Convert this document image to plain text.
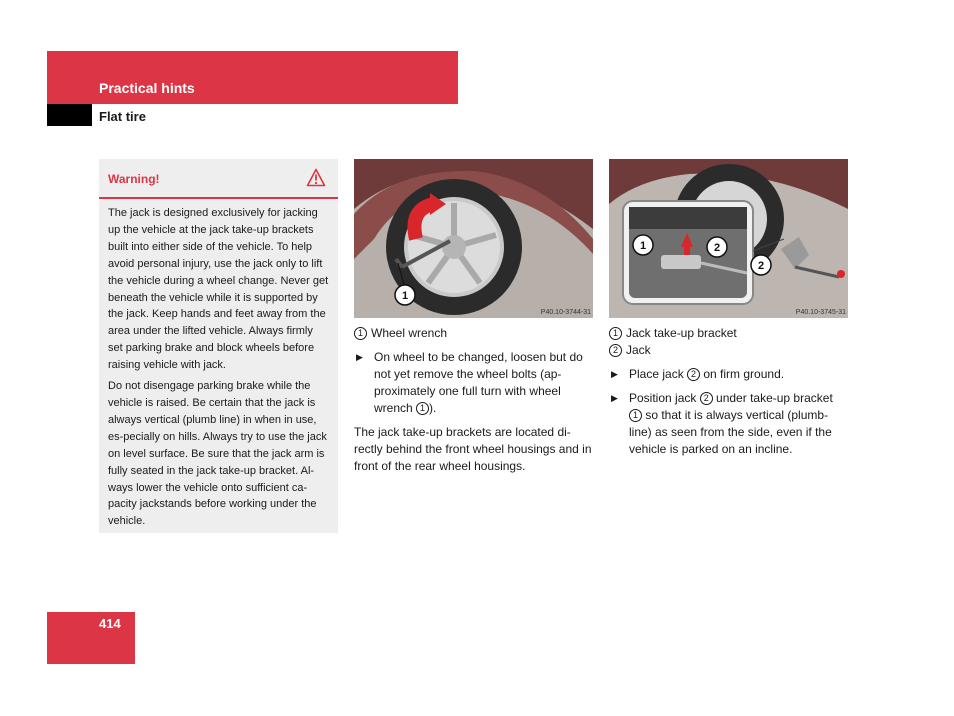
Practical hints
Flat tire
Warning!

The jack is designed exclusively for jacking up the vehicle at the jack take-up brackets built into either side of the vehicle. To help avoid personal injury, use the jack only to lift the vehicle during a wheel change. Never get beneath the vehicle while it is supported by the jack. Keep hands and feet away from the area under the lifted vehicle. Always firmly set parking brake and block wheels before raising vehicle with jack.

Do not disengage parking brake while the vehicle is raised. Be certain that the jack is always vertical (plumb line) in when in use, es-pecially on hills. Always try to use the jack on level surface. Be sure that the jack arm is fully seated in the jack take-up bracket. Al-ways lower the vehicle onto sufficient ca-pacity jackstands before working under the vehicle.

1
P40.10-3744-31
1	2
2
P40.10-3745-31
1 Wheel wrench
▶ On wheel to be changed, loosen but do not yet remove the wheel bolts (ap-proximately one full turn with wheel wrench 1 ).
The jack take-up brackets are located di-rectly behind the front wheel housings and in front of the rear wheel housings.
1 Jack take-up bracket
2 Jack
▶ Place jack 2 on firm ground.
▶ Position jack 2 under take-up bracket 1 so that it is always vertical (plumb-line) as seen from the side, even if the vehicle is parked on an incline.
414
